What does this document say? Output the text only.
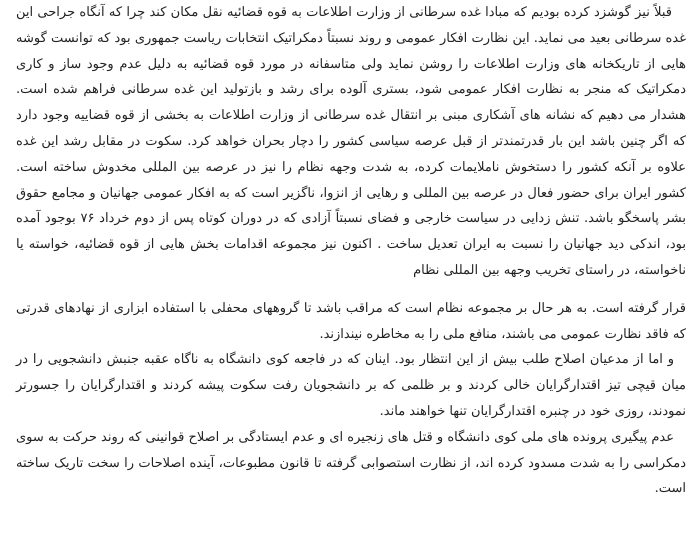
قبلاً نیز گوشزد کرده بودیم که مبادا غده سرطانی از وزارت اطلاعات به قوه قضائیه نقل مکان کند چرا که آنگاه جراحی این غده سرطانی بعید می نماید. این نظارت افکار عمومی و روند نسبتاً دمکراتیک انتخابات ریاست جمهوری بود که توانست گوشه هایی از تاریکخانه های وزارت اطلاعات را روشن نماید ولی متاسفانه در مورد قوه قضائیه به دلیل عدم وجود ساز و کاری دمکراتیک که منجر به نظارت افکار عمومی شود، بستری آلوده برای رشد و بازتولید این غده سرطانی فراهم شده است. هشدار می دهیم که نشانه های آشکاری مبنی بر انتقال غده سرطانی از وزارت اطلاعات به بخشی از قوه قضاییه وجود دارد که اگر چنین باشد این بار قدرتمندتر از قبل عرصه سیاسی کشور را دچار بحران خواهد کرد. سکوت در مقابل رشد این غده علاوه بر آنکه کشور را دستخوش ناملایمات کرده، به شدت وجهه نظام را نیز در عرصه بین المللی مخدوش ساخته است. کشور ایران برای حضور فعال در عرصه بین المللی و رهایی از انزوا، ناگزیر است که به افکار عمومی جهانیان و مجامع حقوق بشر پاسخگو باشد. تنش زدایی در سیاست خارجی و فضای نسبتاً آزادی که در دوران کوتاه پس از دوم خرداد ۷۶ بوجود آمده بود، اندکی دید جهانیان را نسبت به ایران تعدیل ساخت . اکنون نیز مجموعه اقدامات بخش هایی از قوه قضائیه، خواسته یا ناخواسته، در راستای تخریب وجهه بین المللی نظام

قرار گرفته است. به هر حال بر مجموعه نظام است که مراقب باشد تا گروههای محفلی با استفاده ابزاری از نهادهای قدرتی که فاقد نظارت عمومی می باشند، منافع ملی را به مخاطره نیندازند.

و اما از مدعیان اصلاح طلب بیش از این انتظار بود. اینان که در فاجعه کوی دانشگاه به ناگاه عقبه جنبش دانشجویی را در میان قیچی تیز اقتدارگرایان خالی کردند و بر ظلمی که بر دانشجویان رفت سکوت پیشه کردند و اقتدارگرایان را جسورتر نمودند، روزی خود در چنبره اقتدارگرایان تنها خواهند ماند.

عدم پیگیری پرونده های ملی کوی دانشگاه و قتل های زنجیره ای و عدم ایستادگی بر اصلاح قوانینی که روند حرکت به سوی دمکراسی را به شدت مسدود کرده اند، از نظارت استصوابی گرفته تا قانون مطبوعات، آینده اصلاحات را سخت تاریک ساخته است.
